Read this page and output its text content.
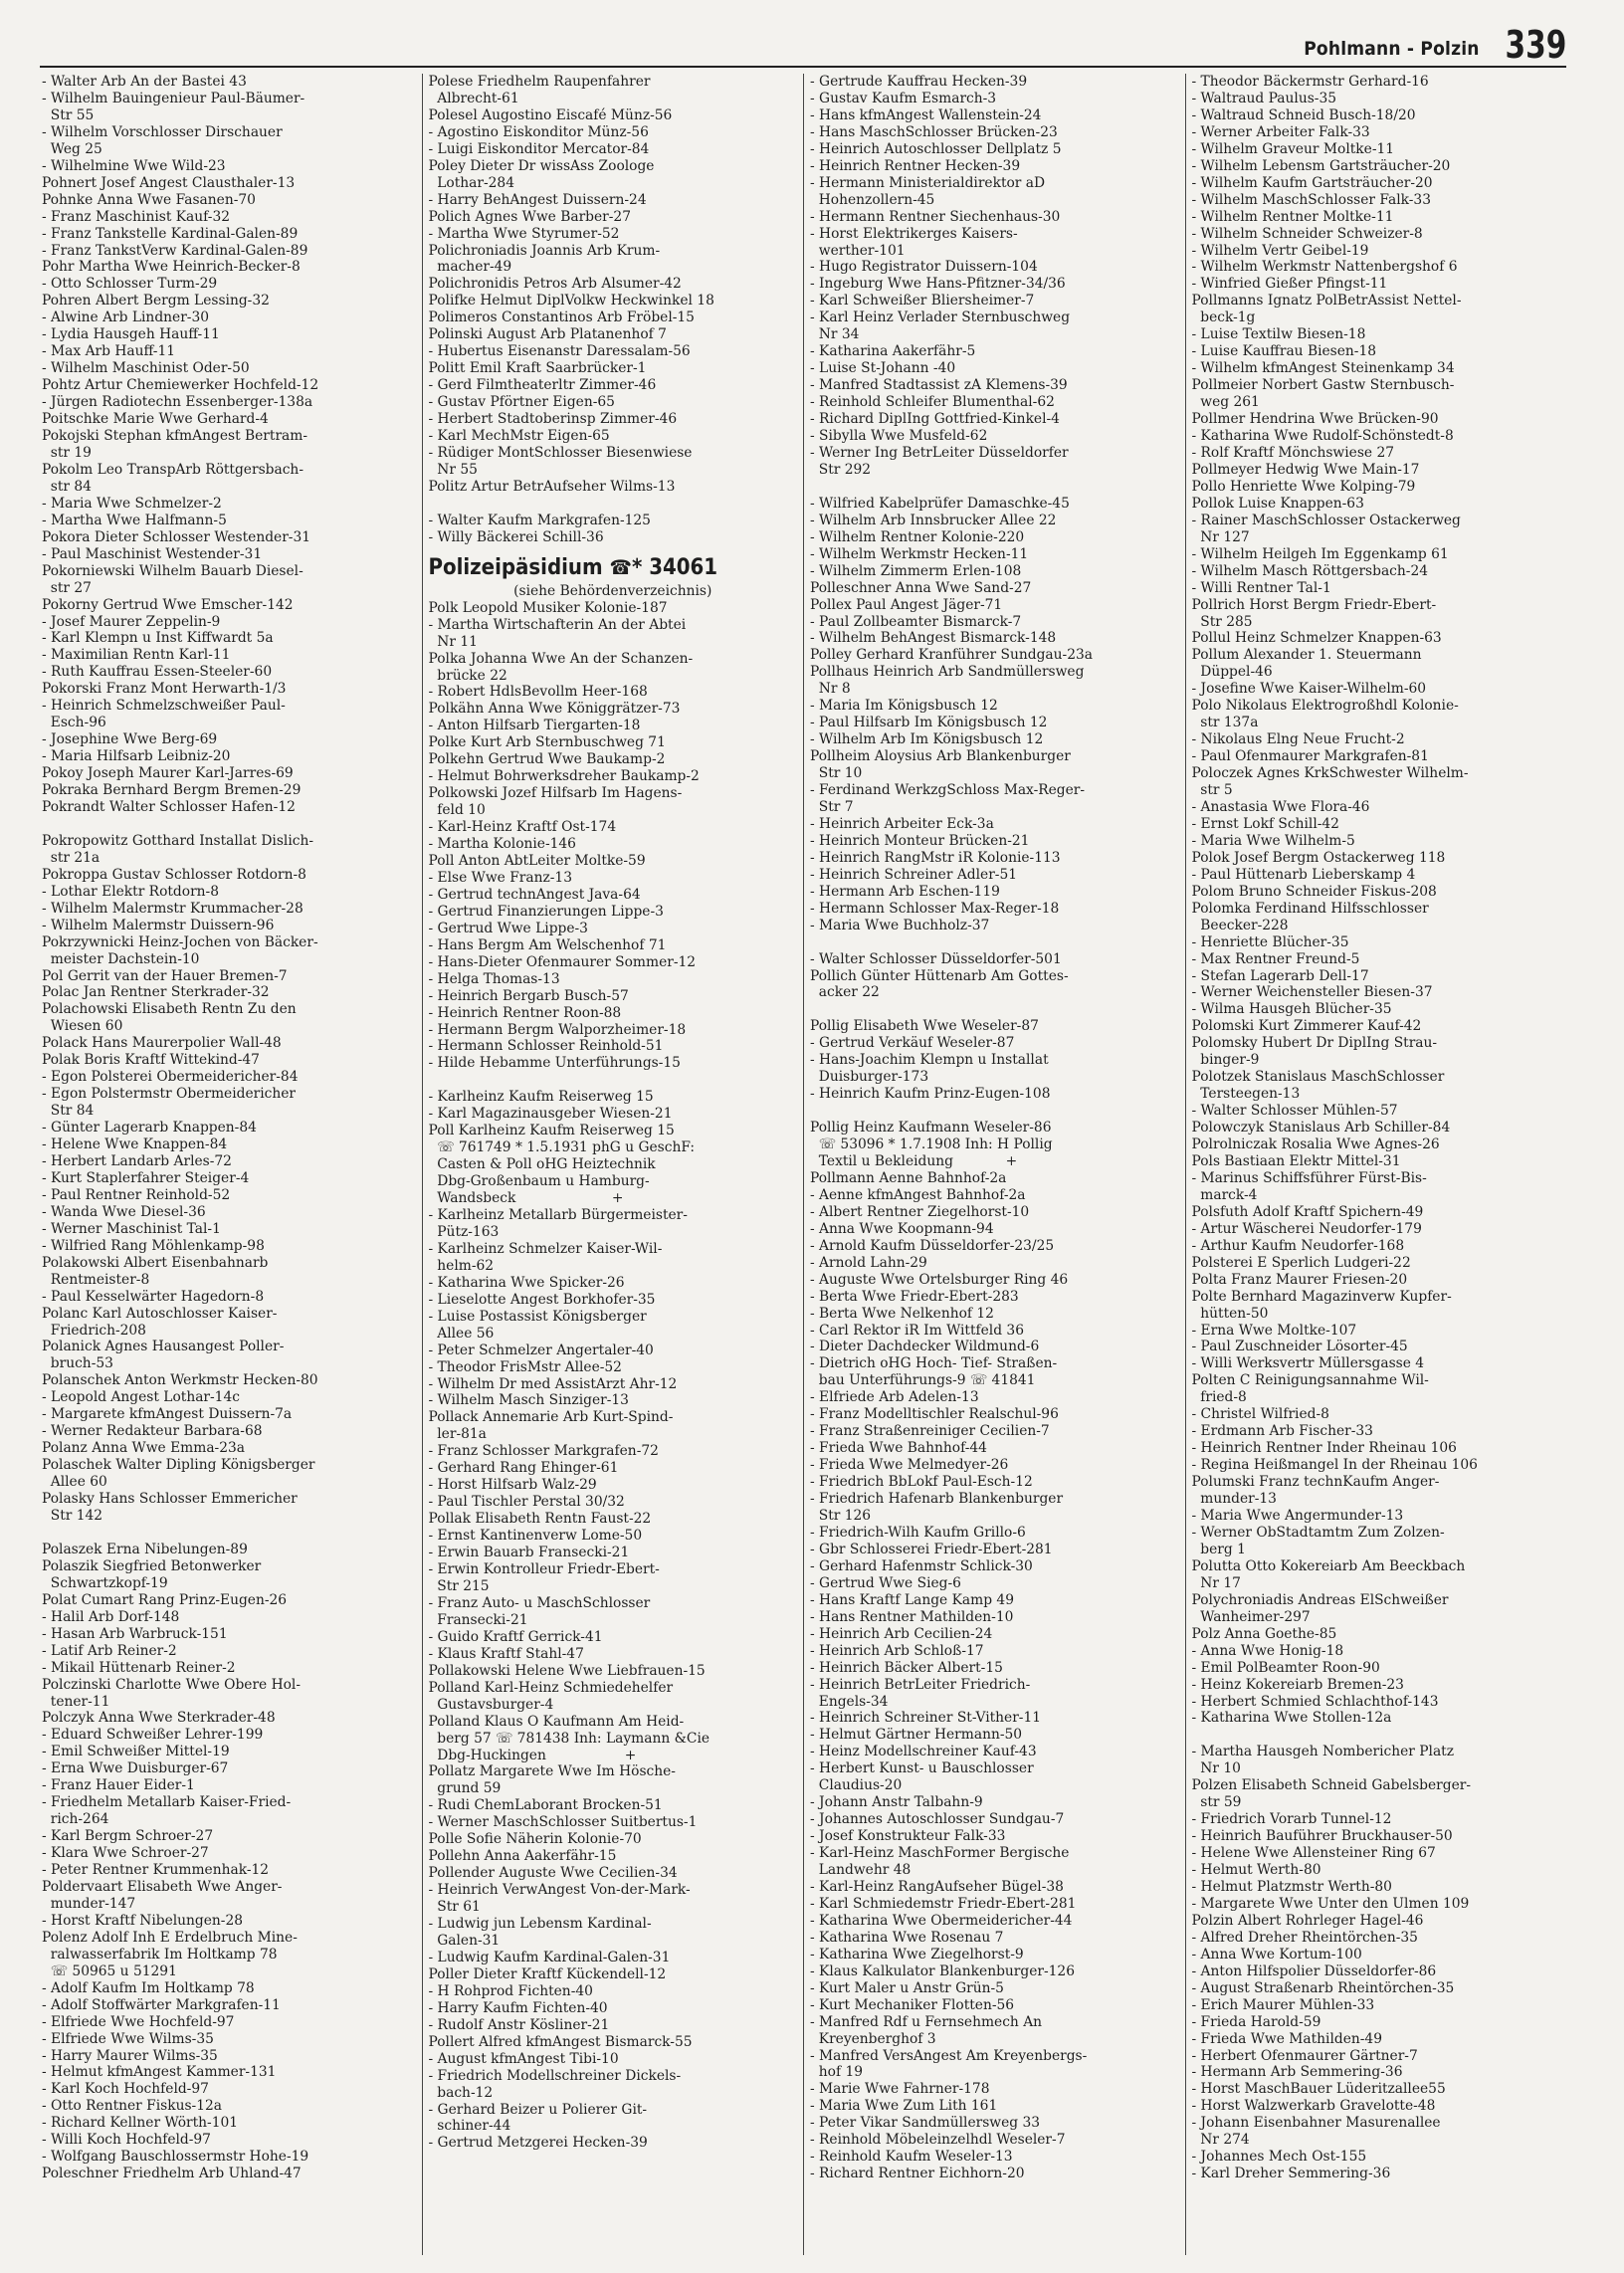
Pohlmann - Polzin 339
- Walter Arb An der Bastei 43
- Wilhelm Bauingenieur Paul-Bäumer-
Str 55
- Wilhelm Vorschlosser Dirschauer
Weg 25
- Wilhelmine Wwe Wild-23
Pohnert Josef Angest Clausthaler-13
Pohnke Anna Wwe Fasanen-70
- Franz Maschinist Kauf-32
- Franz Tankstelle Kardinal-Galen-89
- Franz TankstVerw Kardinal-Galen-89
Pohr Martha Wwe Heinrich-Becker-8
- Otto Schlosser Turm-29
Pohren Albert Bergm Lessing-32
- Alwine Arb Lindner-30
- Lydia Hausgeh Hauff-11
- Max Arb Hauff-11
- Wilhelm Maschinist Oder-50
Pohtz Artur Chemiewerker Hochfeld-12
- Jürgen Radiotechn Essenberger-138a
Poitschke Marie Wwe Gerhard-4
Pokojski Stephan kfmAngest Bertram-
str 19
Pokolm Leo TranspArb Röttgersbach-
str 84
- Maria Wwe Schmelzer-2
- Martha Wwe Halfmann-5
Pokora Dieter Schlosser Westender-31
- Paul Maschinist Westender-31
Pokorniewski Wilhelm Bauarb Diesel-
str 27
Pokorny Gertrud Wwe Emscher-142
- Josef Maurer Zeppelin-9
- Karl Klempn u Inst Kiffwardt 5a
- Maximilian Rentn Karl-11
- Ruth Kauffrau Essen-Steeler-60
Pokorski Franz Mont Herwarth-1/3
- Heinrich Schmelzschweißer Paul-
Esch-96
- Josephine Wwe Berg-69
- Maria Hilfsarb Leibniz-20
Pokoy Joseph Maurer Karl-Jarres-69
Pokraka Bernhard Bergm Bremen-29
Pokrandt Walter Schlosser Hafen-12

Pokropowitz Gotthard Installat Dislich-
str 21a
Pokroppa Gustav Schlosser Rotdorn-8
- Lothar Elektr Rotdorn-8
- Wilhelm Malermstr Krummacher-28
- Wilhelm Malermstr Duissern-96
Pokrzywnicki Heinz-Jochen von Bäcker-
meister Dachstein-10
Pol Gerrit van der Hauer Bremen-7
Polac Jan Rentner Sterkrader-32
Polachowski Elisabeth Rentn Zu den
Wiesen 60
Polack Hans Maurerpolier Wall-48
Polak Boris Kraftf Wittekind-47
- Egon Polsterei Obermeidericher-84
- Egon Polstermstr Obermeidericher
Str 84
- Günter Lagerarb Knappen-84
- Helene Wwe Knappen-84
- Herbert Landarb Arles-72
- Kurt Staplerfahrer Steiger-4
- Paul Rentner Reinhold-52
- Wanda Wwe Diesel-36
- Werner Maschinist Tal-1
- Wilfried Rang Möhlenkamp-98
Polakowski Albert Eisenbahnarb
Rentmeister-8
- Paul Kesselwärter Hagedorn-8
Polanc Karl Autoschlosser Kaiser-
Friedrich-208
Polanick Agnes Hausangest Poller-
bruch-53
Polanschek Anton Werkmstr Hecken-80
- Leopold Angest Lothar-14c
- Margarete kfmAngest Duissern-7a
- Werner Redakteur Barbara-68
Polanz Anna Wwe Emma-23a
Polaschek Walter Dipling Königsberger
Allee 60
Polasky Hans Schlosser Emmericher
Str 142

Polaszek Erna Nibelungen-89
Polaszik Siegfried Betonwerker
Schwartzkopf-19
Polat Cumart Rang Prinz-Eugen-26
- Halil Arb Dorf-148
- Hasan Arb Warbruck-151
- Latif Arb Reiner-2
- Mikail Hüttenarb Reiner-2
Polczinski Charlotte Wwe Obere Hol-
tener-11
Polczyk Anna Wwe Sterkrader-48
- Eduard Schweißer Lehrer-199
- Emil Schweißer Mittel-19
- Erna Wwe Duisburger-67
- Franz Hauer Eider-1
- Friedhelm Metallarb Kaiser-Fried-
rich-264
- Karl Bergm Schroer-27
- Klara Wwe Schroer-27
- Peter Rentner Krummenhak-12
Poldervaart Elisabeth Wwe Anger-
munder-147
- Horst Kraftf Nibelungen-28
Polenz Adolf Inh E Erdelbruch Mine-
ralwasserfabrik Im Holtkamp 78
☏ 50965 u 51291
- Adolf Kaufm Im Holtkamp 78
- Adolf Stoffwärter Markgrafen-11
- Elfriede Wwe Hochfeld-97
- Elfriede Wwe Wilms-35
- Harry Maurer Wilms-35
- Helmut kfmAngest Kammer-131
- Karl Koch Hochfeld-97
- Otto Rentner Fiskus-12a
- Richard Kellner Wörth-101
- Willi Koch Hochfeld-97
- Wolfgang Bauschlossermstr Hohe-19
Poleschner Friedhelm Arb Uhland-47
Polese Friedhelm Raupenfahrer
Albrecht-61
Polesel Augostino Eiscafé Münz-56
- Agostino Eiskonditor Münz-56
- Luigi Eiskonditor Mercator-84
Poley Dieter Dr wissAss Zoologe
Lothar-284
- Harry BehAngest Duissern-24
Polich Agnes Wwe Barber-27
- Martha Wwe Styrumer-52
Polichroniadis Joannis Arb Krum-
macher-49
Polichronidis Petros Arb Alsumer-42
Polifke Helmut DiplVolkw Heckwinkel 18
Polimeros Constantinos Arb Fröbel-15
Polinski August Arb Platanenhof 7
- Hubertus Eisenanstr Daressalam-56
Politt Emil Kraft Saarbrücker-1
- Gerd Filmtheaterltr Zimmer-46
- Gustav Pförtner Eigen-65
- Herbert Stadtoberinsp Zimmer-46
- Karl MechMstr Eigen-65
- Rüdiger MontSchlosser Biesenwiese
Nr 55
Politz Artur BetrAufseher Wilms-13

- Walter Kaufm Markgrafen-125
- Willy Bäckerei Schill-36
Polizeipäsidium ☎* 34061
(siehe Behördenverzeichnis)
Polk Leopold Musiker Kolonie-187
- Martha Wirtschafterin An der Abtei
Nr 11
Polka Johanna Wwe An der Schanzen-
brücke 22
- Robert HdlsBevollm Heer-168
Polkähn Anna Wwe Königgrätzer-73
- Anton Hilfsarb Tiergarten-18
Polke Kurt Arb Sternbuschweg 71
Polkehn Gertrud Wwe Baukamp-2
- Helmut Bohrwerksdreher Baukamp-2
Polkowski Jozef Hilfsarb Im Hagens-
feld 10
- Karl-Heinz Kraftf Ost-174
- Martha Kolonie-146
Poll Anton AbtLeiter Moltke-59
- Else Wwe Franz-13
- Gertrud technAngest Java-64
- Gertrud Finanzierungen Lippe-3
- Gertrud Wwe Lippe-3
- Hans Bergm Am Welschenhof 71
- Hans-Dieter Ofenmaurer Sommer-12
- Helga Thomas-13
- Heinrich Bergarb Busch-57
- Heinrich Rentner Roon-88
- Hermann Bergm Walporzheimer-18
- Hermann Schlosser Reinhold-51
- Hilde Hebamme Unterführungs-15

- Karlheinz Kaufm Reiserweg 15
- Karl Magazinausgeber Wiesen-21
Poll Karlheinz Kaufm Reiserweg 15
☏ 761749 * 1.5.1931 phG u GeschF:
Casten & Poll oHG Heiztechnik
Dbg-Großenbaum u Hamburg-
Wandsbeck                      +
- Karlheinz Metallarb Bürgermeister-
Pütz-163
- Karlheinz Schmelzer Kaiser-Wil-
helm-62
- Katharina Wwe Spicker-26
- Lieselotte Angest Borkhofer-35
- Luise Postassist Königsberger
Allee 56
- Peter Schmelzer Angertaler-40
- Theodor FrisMstr Allee-52
- Wilhelm Dr med AssistArzt Ahr-12
- Wilhelm Masch Sinziger-13
Pollack Annemarie Arb Kurt-Spind-
ler-81a
- Franz Schlosser Markgrafen-72
- Gerhard Rang Ehinger-61
- Horst Hilfsarb Walz-29
- Paul Tischler Perstal 30/32
Pollak Elisabeth Rentn Faust-22
- Ernst Kantinenverw Lome-50
- Erwin Bauarb Fransecki-21
- Erwin Kontrolleur Friedr-Ebert-
Str 215
- Franz Auto- u MaschSchlosser
Fransecki-21
- Guido Kraftf Gerrick-41
- Klaus Kraftf Stahl-47
Pollakowski Helene Wwe Liebfrauen-15
Polland Karl-Heinz Schmiedehelfer
Gustavsburger-4
Polland Klaus O Kaufmann Am Heid-
berg 57 ☏ 781438 Inh: Laymann &Cie
Dbg-Huckingen                  +
Pollatz Margarete Wwe Im Hösche-
grund 59
- Rudi ChemLaborant Brocken-51
- Werner MaschSchlosser Suitbertus-1
Polle Sofie Näherin Kolonie-70
Pollehn Anna Aakerfähr-15
Pollender Auguste Wwe Cecilien-34
- Heinrich VerwAngest Von-der-Mark-
Str 61
- Ludwig jun Lebensm Kardinal-
Galen-31
- Ludwig Kaufm Kardinal-Galen-31
Poller Dieter Kraftf Kückendell-12
- H Rohprod Fichten-40
- Harry Kaufm Fichten-40
- Rudolf Anstr Kösliner-21
Pollert Alfred kfmAngest Bismarck-55
- August kfmAngest Tibi-10
- Friedrich Modellschreiner Dickels-
bach-12
- Gerhard Beizer u Polierer Git-
schiner-44
- Gertrud Metzgerei Hecken-39
- Gertrude Kauffrau Hecken-39
- Gustav Kaufm Esmarch-3
- Hans kfmAngest Wallenstein-24
- Hans MaschSchlosser Brücken-23
- Heinrich Autoschlosser Dellplatz 5
- Heinrich Rentner Hecken-39
- Hermann Ministerialdirektor aD
Hohenzollern-45
- Hermann Rentner Siechenhaus-30
- Horst Elektrikerges Kaisers-
werther-101
- Hugo Registrator Duissern-104
- Ingeburg Wwe Hans-Pfitzner-34/36
- Karl Schweißer Bliersheimer-7
- Karl Heinz Verlader Sternbuschweg
Nr 34
- Katharina Aakerfähr-5
- Luise St-Johann -40
- Manfred Stadtassist zA Klemens-39
- Reinhold Schleifer Blumenthal-62
- Richard DiplIng Gottfried-Kinkel-4
- Sibylla Wwe Musfeld-62
- Werner Ing BetrLeiter Düsseldorfer
Str 292

- Wilfried Kabelprüfer Damaschke-45
- Wilhelm Arb Innsbrucker Allee 22
- Wilhelm Rentner Kolonie-220
- Wilhelm Werkmstr Hecken-11
- Wilhelm Zimmerm Erlen-108
Polleschner Anna Wwe Sand-27
Pollex Paul Angest Jäger-71
- Paul Zollbeamter Bismarck-7
- Wilhelm BehAngest Bismarck-148
Polley Gerhard Kranführer Sundgau-23a
Pollhaus Heinrich Arb Sandmüllersweg
Nr 8
- Maria Im Königsbusch 12
- Paul Hilfsarb Im Königsbusch 12
- Wilhelm Arb Im Königsbusch 12
Pollheim Aloysius Arb Blankenburger
Str 10
- Ferdinand WerkzgSchloss Max-Reger-
Str 7
- Heinrich Arbeiter Eck-3a
- Heinrich Monteur Brücken-21
- Heinrich RangMstr iR Kolonie-113
- Heinrich Schreiner Adler-51
- Hermann Arb Eschen-119
- Hermann Schlosser Max-Reger-18
- Maria Wwe Buchholz-37

- Walter Schlosser Düsseldorfer-501
Pollich Günter Hüttenarb Am Gottes-
acker 22

Pollig Elisabeth Wwe Weseler-87
- Gertrud Verkäuf Weseler-87
- Hans-Joachim Klempn u Installat
Duisburger-173
- Heinrich Kaufm Prinz-Eugen-108

Pollig Heinz Kaufmann Weseler-86
☏ 53096 * 1.7.1908 Inh: H Pollig
Textil u Bekleidung            +
Pollmann Aenne Bahnhof-2a
- Aenne kfmAngest Bahnhof-2a
- Albert Rentner Ziegelhorst-10
- Anna Wwe Koopmann-94
- Arnold Kaufm Düsseldorfer-23/25
- Arnold Lahn-29
- Auguste Wwe Ortelsburger Ring 46
- Berta Wwe Friedr-Ebert-283
- Berta Wwe Nelkenhof 12
- Carl Rektor iR Im Wittfeld 36
- Dieter Dachdecker Wildmund-6
- Dietrich oHG Hoch- Tief- Straßen-
bau Unterführungs-9 ☏ 41841
- Elfriede Arb Adelen-13
- Franz Modelltischler Realschul-96
- Franz Straßenreiniger Cecilien-7
- Frieda Wwe Bahnhof-44
- Frieda Wwe Melmedyer-26
- Friedrich BbLokf Paul-Esch-12
- Friedrich Hafenarb Blankenburger
Str 126
- Friedrich-Wilh Kaufm Grillo-6
- Gbr Schlosserei Friedr-Ebert-281
- Gerhard Hafenmstr Schlick-30
- Gertrud Wwe Sieg-6
- Hans Kraftf Lange Kamp 49
- Hans Rentner Mathilden-10
- Heinrich Arb Cecilien-24
- Heinrich Arb Schloß-17
- Heinrich Bäcker Albert-15
- Heinrich BetrLeiter Friedrich-
Engels-34
- Heinrich Schreiner St-Vither-11
- Helmut Gärtner Hermann-50
- Heinz Modellschreiner Kauf-43
- Herbert Kunst- u Bauschlosser
Claudius-20
- Johann Anstr Talbahn-9
- Johannes Autoschlosser Sundgau-7
- Josef Konstrukteur Falk-33
- Karl-Heinz MaschFormer Bergische
Landwehr 48
- Karl-Heinz RangAufseher Bügel-38
- Karl Schmiedemstr Friedr-Ebert-281
- Katharina Wwe Obermeidericher-44
- Katharina Wwe Rosenau 7
- Katharina Wwe Ziegelhorst-9
- Klaus Kalkulator Blankenburger-126
- Kurt Maler u Anstr Grün-5
- Kurt Mechaniker Flotten-56
- Manfred Rdf u Fernsehmech An
Kreyenberghof 3
- Manfred VersAngest Am Kreyenbergs-
hof 19
- Marie Wwe Fahrner-178
- Maria Wwe Zum Lith 161
- Peter Vikar Sandmüllersweg 33
- Reinhold Möbeleinzelhdl Weseler-7
- Reinhold Kaufm Weseler-13
- Richard Rentner Eichhorn-20
- Theodor Bäckermstr Gerhard-16
- Waltraud Paulus-35
- Waltraud Schneid Busch-18/20
- Werner Arbeiter Falk-33
- Wilhelm Graveur Moltke-11
- Wilhelm Lebensm Gartsträucher-20
- Wilhelm Kaufm Gartsträucher-20
- Wilhelm MaschSchlosser Falk-33
- Wilhelm Rentner Moltke-11
- Wilhelm Schneider Schweizer-8
- Wilhelm Vertr Geibel-19
- Wilhelm Werkmstr Nattenbergshof 6
- Winfried Gießer Pfingst-11
Pollmanns Ignatz PolBetrAssist Nettel-
beck-1g
- Luise Textilw Biesen-18
- Luise Kauffrau Biesen-18
- Wilhelm kfmAngest Steinenkamp 34
Pollmeier Norbert Gastw Sternbusch-
weg 261
Pollmer Hendrina Wwe Brücken-90
- Katharina Wwe Rudolf-Schönstedt-8
- Rolf Kraftf Mönchswiese 27
Pollmeyer Hedwig Wwe Main-17
Pollo Henriette Wwe Kolping-79
Pollok Luise Knappen-63
- Rainer MaschSchlosser Ostackerweg
Nr 127
- Wilhelm Heilgeh Im Eggenkamp 61
- Wilhelm Masch Röttgersbach-24
- Willi Rentner Tal-1
Pollrich Horst Bergm Friedr-Ebert-
Str 285
Pollul Heinz Schmelzer Knappen-63
Pollum Alexander 1. Steuermann
Düppel-46
- Josefine Wwe Kaiser-Wilhelm-60
Polo Nikolaus Elektrogroßhdl Kolonie-
str 137a
- Nikolaus Elng Neue Frucht-2
- Paul Ofenmaurer Markgrafen-81
Poloczek Agnes KrkSchwester Wilhelm-
str 5
- Anastasia Wwe Flora-46
- Ernst Lokf Schill-42
- Maria Wwe Wilhelm-5
Polok Josef Bergm Ostackerweg 118
- Paul Hüttenarb Lieberskamp 4
Polom Bruno Schneider Fiskus-208
Polomka Ferdinand Hilfsschlosser
Beecker-228
- Henriette Blücher-35
- Max Rentner Freund-5
- Stefan Lagerarb Dell-17
- Werner Weichensteller Biesen-37
- Wilma Hausgeh Blücher-35
Polomski Kurt Zimmerer Kauf-42
Polomsky Hubert Dr DiplIng Strau-
binger-9
Polotzek Stanislaus MaschSchlosser
Tersteegen-13
- Walter Schlosser Mühlen-57
Polowczyk Stanislaus Arb Schiller-84
Polrolniczak Rosalia Wwe Agnes-26
Pols Bastiaan Elektr Mittel-31
- Marinus Schiffsführer Fürst-Bis-
marck-4
Polsfuth Adolf Kraftf Spichern-49
- Artur Wäscherei Neudorfer-179
- Arthur Kaufm Neudorfer-168
Polsterei E Sperlich Ludgeri-22
Polta Franz Maurer Friesen-20
Polte Bernhard Magazinverw Kupfer-
hütten-50
- Erna Wwe Moltke-107
- Paul Zuschneider Lösorter-45
- Willi Werksvertr Müllersgasse 4
Polten C Reinigungsannahme Wil-
fried-8
- Christel Wilfried-8
- Erdmann Arb Fischer-33
- Heinrich Rentner Inder Rheinau 106
- Regina Heißmangel In der Rheinau 106
Polumski Franz technKaufm Anger-
munder-13
- Maria Wwe Angermunder-13
- Werner ObStadtamtm Zum Zolzen-
berg 1
Polutta Otto Kokereiarb Am Beeckbach
Nr 17
Polychroniadis Andreas ElSchweißer
Wanheimer-297
Polz Anna Goethe-85
- Anna Wwe Honig-18
- Emil PolBeamter Roon-90
- Heinz Kokereiarb Bremen-23
- Herbert Schmied Schlachthof-143
- Katharina Wwe Stollen-12a

- Martha Hausgeh Nombericher Platz
Nr 10
Polzen Elisabeth Schneid Gabelsberger-
str 59
- Friedrich Vorarb Tunnel-12
- Heinrich Bauführer Bruckhauser-50
- Helene Wwe Allensteiner Ring 67
- Helmut Werth-80
- Helmut Platzmstr Werth-80
- Margarete Wwe Unter den Ulmen 109
Polzin Albert Rohrleger Hagel-46
- Alfred Dreher Rheintörchen-35
- Anna Wwe Kortum-100
- Anton Hilfspolier Düsseldorfer-86
- August Straßenarb Rheintörchen-35
- Erich Maurer Mühlen-33
- Frieda Harold-59
- Frieda Wwe Mathilden-49
- Herbert Ofenmaurer Gärtner-7
- Hermann Arb Semmering-36
- Horst MaschBauer Lüderitzallee55
- Horst Walzwerkarb Gravelotte-48
- Johann Eisenbahner Masurenallee
Nr 274
- Johannes Mech Ost-155
- Karl Dreher Semmering-36
